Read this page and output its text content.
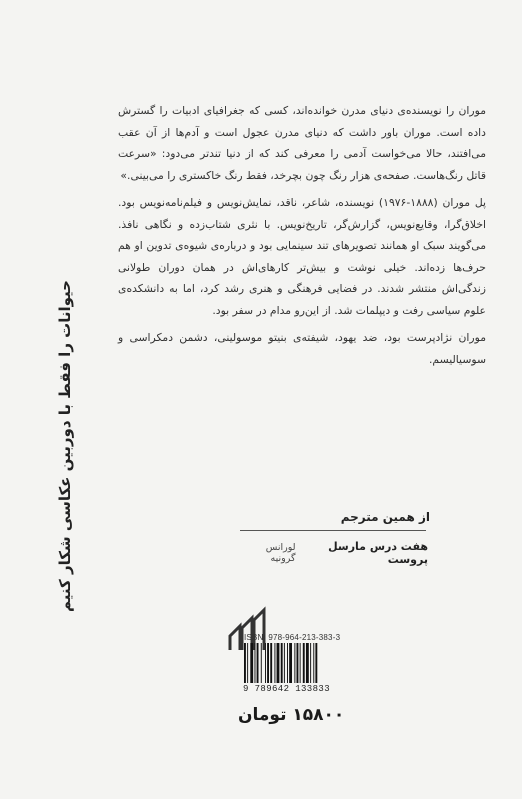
حیوانات را فقط با دوربین عکاسی شکار کنیم

موران را نویسنده‌ی دنیای مدرن خوانده‌اند، کسی که جغرافیای ادبیات را گسترش داده است. موران باور داشت که دنیای مدرن عجول است و آدم‌ها از آن عقب می‌افتند، حالا می‌خواست آدمی را معرفی کند که از دنیا تندتر می‌دود: «سرعت قاتل رنگ‌هاست. صفحه‌ی هزار رنگ چون بچرخد، فقط رنگ خاکستری را می‌بینی.»

پل موران (۱۸۸۸-۱۹۷۶) نویسنده، شاعر، ناقد، نمایش‌نویس و فیلم‌نامه‌نویس بود. اخلاق‌گرا، وقایع‌نویس، گزارش‌گر، تاریخ‌نویس. با نثری شتاب‌زده و نگاهی نافذ. می‌گویند سبک او همانند تصویرهای تند سینمایی بود و درباره‌ی شیوه‌ی تدوین او هم حرف‌ها زده‌اند. خیلی نوشت و بیش‌تر کارهای‌اش در همان دوران طولانی زندگی‌اش منتشر شدند. در فضایی فرهنگی و هنری رشد کرد، اما به دانشکده‌ی علوم سیاسی رفت و دیپلمات شد. از این‌رو مدام در سفر بود.

موران نژادپرست بود، ضد یهود، شیفته‌ی بنیتو موسولینی، دشمن دمکراسی و سوسیالیسم.

از همین مترجم
هفت درس مارسل پروست
لورانس گرونیه
ISBN: 978-964-213-383-3
9 789642 133833
۱۵۸۰۰ تومان
